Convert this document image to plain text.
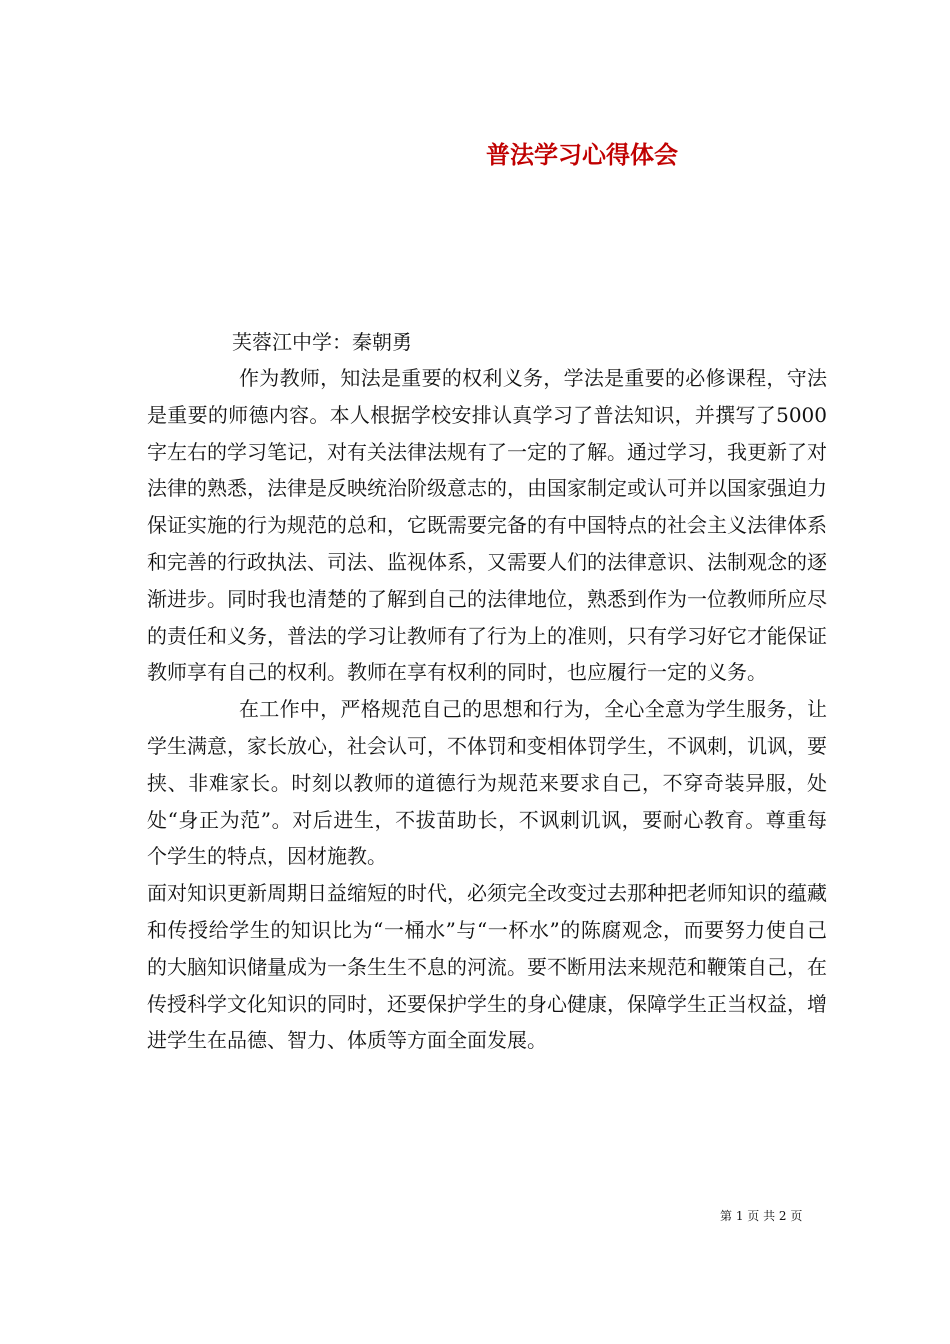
普法学习心得体会
芙蓉江中学：秦朝勇

作为教师，知法是重要的权利义务，学法是重要的必修课程，守法是重要的师德内容。本人根据学校安排认真学习了普法知识，并撰写了5000字左右的学习笔记，对有关法律法规有了一定的了解。通过学习，我更新了对法律的熟悉，法律是反映统治阶级意志的，由国家制定或认可并以国家强迫力保证实施的行为规范的总和，它既需要完备的有中国特点的社会主义法律体系和完善的行政执法、司法、监视体系，又需要人们的法律意识、法制观念的逐渐进步。同时我也清楚的了解到自己的法律地位，熟悉到作为一位教师所应尽的责任和义务，普法的学习让教师有了行为上的准则，只有学习好它才能保证教师享有自己的权利。教师在享有权利的同时，也应履行一定的义务。

在工作中，严格规范自己的思想和行为，全心全意为学生服务，让学生满意，家长放心，社会认可，不体罚和变相体罚学生，不讽刺，讥讽，要挟、非难家长。时刻以教师的道德行为规范来要求自己，不穿奇装异服，处处“身正为范”。对后进生，不拔苗助长，不讽刺讥讽，要耐心教育。尊重每个学生的特点，因材施教。

面对知识更新周期日益缩短的时代，必须完全改变过去那种把老师知识的蕴藏和传授给学生的知识比为“一桶水”与“一杯水”的陈腐观念，而要努力使自己的大脑知识储量成为一条生生不息的河流。要不断用法来规范和鞭策自己，在传授科学文化知识的同时，还要保护学生的身心健康，保障学生正当权益，增进学生在品德、智力、体质等方面全面发展。

第 1 页 共 2 页
